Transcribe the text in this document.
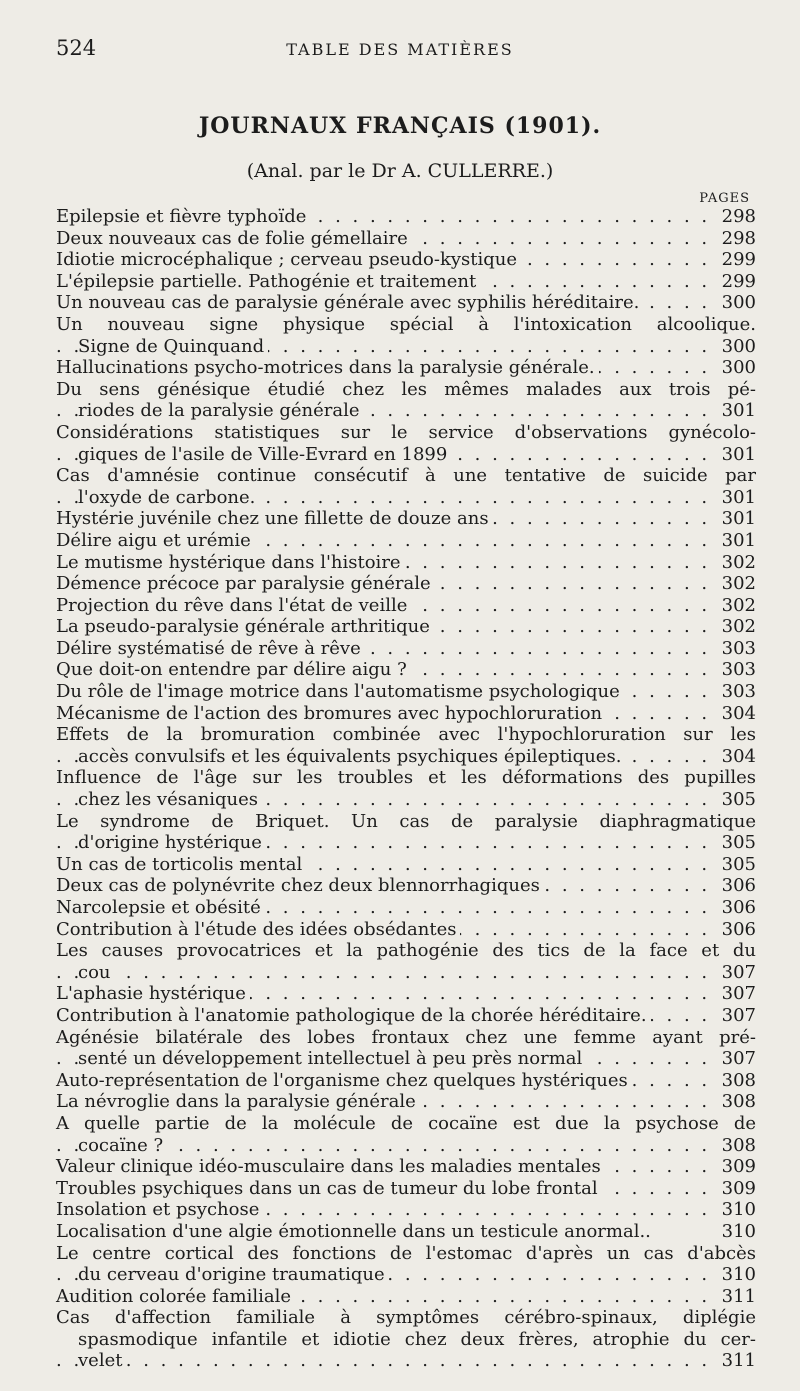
524	TABLE DES MATIÈRES
JOURNAUX FRANÇAIS (1901).
(Anal. par le Dr A. CULLERRE.)
PAGES
. . . Epilepsie et fièvre typhoïde	298
. . . Deux nouveaux cas de folie gémellaire	298
. . . Idiotie microcéphalique ; cerveau pseudo-kystique	299
. . . L'épilepsie partielle. Pathogénie et traitement	299
. . . Un nouveau cas de paralysie générale avec syphilis héréditaire.	300
Un nouveau signe physique spécial à l'intoxication alcoolique.
. . . Signe de Quinquand	300
. . . Hallucinations psycho-motrices dans la paralysie générale.	300
Du sens génésique étudié chez les mêmes malades aux trois pé-
. . . riodes de la paralysie générale	301
Considérations statistiques sur le service d'observations gynécolo-
. . . giques de l'asile de Ville-Evrard en 1899	301
Cas d'amnésie continue consécutif à une tentative de suicide par
. . . l'oxyde de carbone.	301
. . . Hystérie juvénile chez une fillette de douze ans	301
. . . Délire aigu et urémie	301
. . . Le mutisme hystérique dans l'histoire	302
. . . Démence précoce par paralysie générale	302
. . . Projection du rêve dans l'état de veille	302
. . . La pseudo-paralysie générale arthritique	302
. . . Délire systématisé de rêve à rêve	303
. . . Que doit-on entendre par délire aigu ?	303
. . . Du rôle de l'image motrice dans l'automatisme psychologique	303
. . . Mécanisme de l'action des bromures avec hypochloruration	304
Effets de la bromuration combinée avec l'hypochloruration sur les
. . . accès convulsifs et les équivalents psychiques épileptiques.	304
Influence de l'âge sur les troubles et les déformations des pupilles
. . . chez les vésaniques	305
Le syndrome de Briquet. Un cas de paralysie diaphragmatique
. . . d'origine hystérique	305
. . . Un cas de torticolis mental	305
. . . Deux cas de polynévrite chez deux blennorrhagiques	306
. . . Narcolepsie et obésité	306
. . . Contribution à l'étude des idées obsédantes	306
Les causes provocatrices et la pathogénie des tics de la face et du
. . . cou	307
. . . L'aphasie hystérique	307
. . . Contribution à l'anatomie pathologique de la chorée héréditaire.	307
Agénésie bilatérale des lobes frontaux chez une femme ayant pré-
. . . senté un développement intellectuel à peu près normal	307
. . . Auto-représentation de l'organisme chez quelques hystériques	308
. . . La névroglie dans la paralysie générale	308
A quelle partie de la molécule de cocaïne est due la psychose de
. . . cocaïne ?	308
. . . Valeur clinique idéo-musculaire dans les maladies mentales	309
. . . Troubles psychiques dans un cas de tumeur du lobe frontal	309
. . . Insolation et psychose	310
Localisation d'une algie émotionnelle dans un testicule anormal..	310
Le centre cortical des fonctions de l'estomac d'après un cas d'abcès
. . . du cerveau d'origine traumatique	310
. . . Audition colorée familiale	311
Cas d'affection familiale à symptômes cérébro-spinaux, diplégie
spasmodique infantile et idiotie chez deux frères, atrophie du cer-
. . . velet	311
